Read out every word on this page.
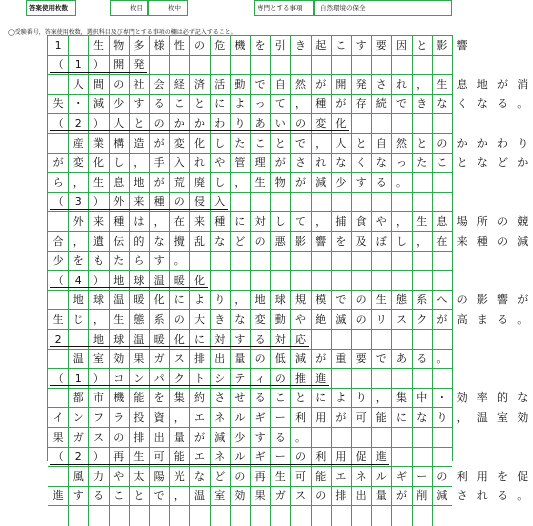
答案使用枚数	枚目	枚中	専門とする事項	自然環境の保全
◯受験番号，答案使用枚数，選択科目及び専門とする事項の欄は必ず記入すること。
1
　	生 物 多 様 性 の 危 機 を 引 き 起 こ す 要 因 と 影 響
（	1	） 開 発

人 間 の 社 会 経 済 活 動 で 自 然 が 開 発 さ れ ， 生 息 地 が 消
失 ・ 減 少 す る こ と に よ っ て ， 種 が 存 続 で き な く な る 。
（	2	） 人 と の か か わ り あ い の 変 化

産 業 構 造 が 変 化 し た こ と で ， 人 と 自 然 と の か か わ り
が 変 化 し ， 手 入 れ や 管 理 が さ れ な く な っ た こ と な ど か
ら ， 生 息 地 が 荒 廃 し ， 生 物 が 減 少 す る 。
（	3	） 外 来 種 の 侵 入

外 来 種 は ， 在 来 種 に 対 し て ， 捕 食 や ， 生 息 場 所 の 競
合 ， 遺 伝 的 な 攪 乱 な ど の 悪 影 響 を 及 ぼ し ， 在 来 種 の 減
少 を も た ら す 。
（	4	） 地 球 温 暖 化

地 球 温 暖 化 に よ り ， 地 球 規 模 で の 生 態 系 へ の 影 響 が
生 じ ， 生 態 系 の 大 き な 変 動 や 絶 滅 の リ ス ク が 高 ま る 。
2
　	地 球 温 暖 化 に 対 す る 対 応

温 室 効 果 ガ ス 排 出 量 の 低 減 が 重 要 で あ る 。
（	1	） コ ン パ ク ト シ テ ィ の 推 進

都 市 機 能 を 集 約 さ せ る こ と に よ り ， 集 中 ・ 効 率 的 な
イ ン フ ラ 投 資 ， エ ネ ル ギ ー 利 用 が 可 能 に な り ， 温 室 効
果 ガ ス の 排 出 量 が 減 少 す る 。
（	2	） 再 生 可 能 エ ネ ル ギ ー の 利 用 促 進

風 力 や 太 陽 光 な ど の 再 生 可 能 エ ネ ル ギ ー の 利 用 を 促
進 す る こ と で ， 温 室 効 果 ガ ス の 排 出 量 が 削 減 さ れ る 。
